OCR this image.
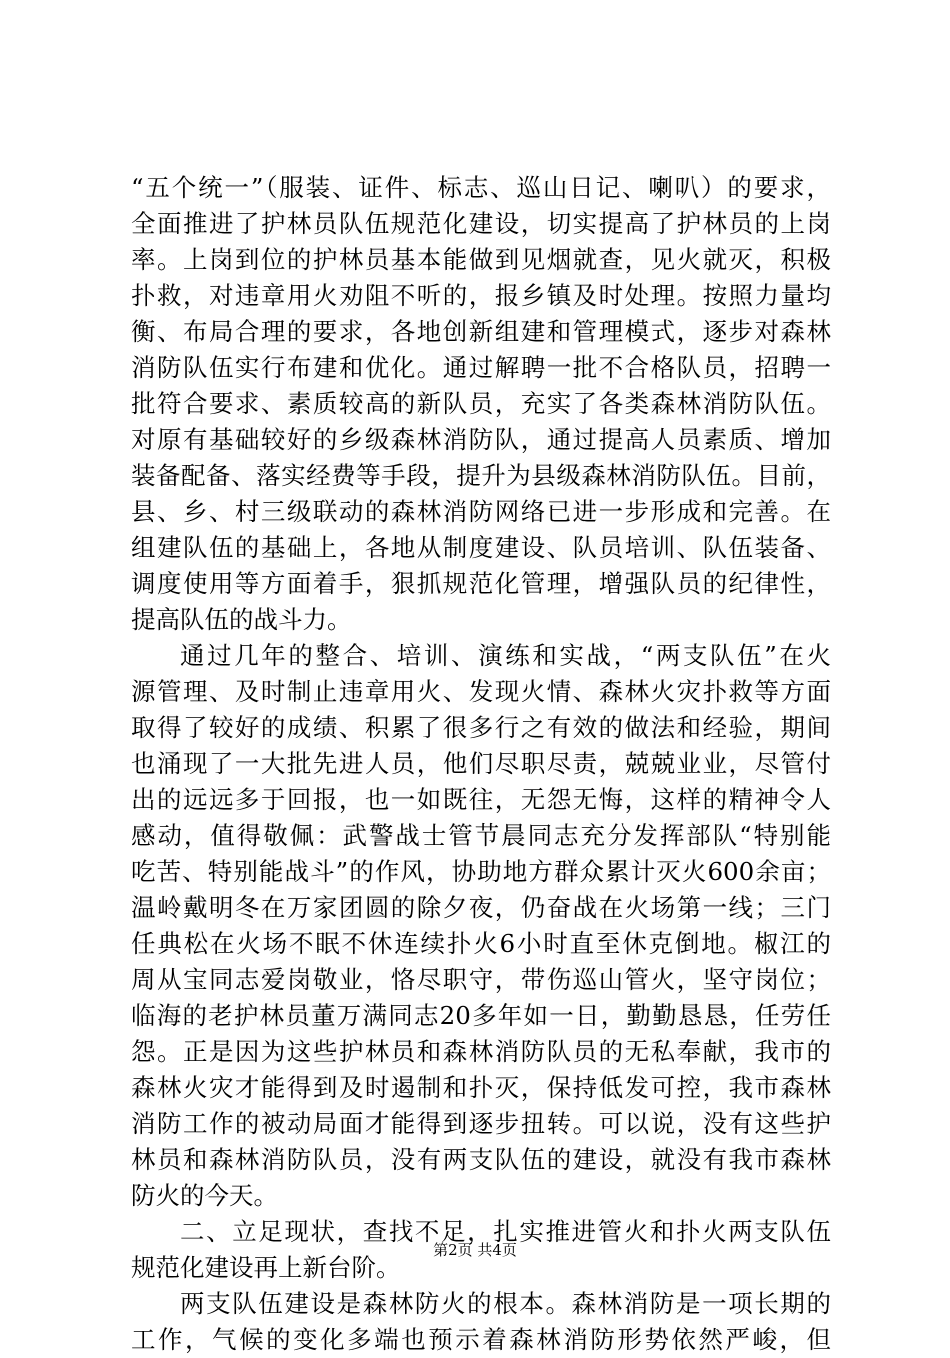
“五个统一”（服装、证件、标志、巡山日记、喇叭）的要求，
全面推进了护林员队伍规范化建设，切实提高了护林员的上岗
率。上岗到位的护林员基本能做到见烟就查，见火就灭，积极
扑救，对违章用火劝阻不听的，报乡镇及时处理。按照力量均
衡、布局合理的要求，各地创新组建和管理模式，逐步对森林
消防队伍实行布建和优化。通过解聘一批不合格队员，招聘一
批符合要求、素质较高的新队员，充实了各类森林消防队伍。
对原有基础较好的乡级森林消防队，通过提高人员素质、增加
装备配备、落实经费等手段，提升为县级森林消防队伍。目前，
县、乡、村三级联动的森林消防网络已进一步形成和完善。在
组建队伍的基础上，各地从制度建设、队员培训、队伍装备、
调度使用等方面着手，狠抓规范化管理，增强队员的纪律性，
提高队伍的战斗力。
通过几年的整合、培训、演练和实战，“两支队伍”在火
源管理、及时制止违章用火、发现火情、森林火灾扑救等方面
取得了较好的成绩、积累了很多行之有效的做法和经验，期间
也涌现了一大批先进人员，他们尽职尽责，兢兢业业，尽管付
出的远远多于回报，也一如既往，无怨无悔，这样的精神令人
感动，值得敬佩：武警战士管节晨同志充分发挥部队“特别能
吃苦、特别能战斗”的作风，协助地方群众累计灭火600余亩；
温岭戴明冬在万家团圆的除夕夜，仍奋战在火场第一线；三门
任典松在火场不眠不休连续扑火6小时直至休克倒地。椒江的
周从宝同志爱岗敬业，恪尽职守，带伤巡山管火，坚守岗位；
临海的老护林员董万满同志20多年如一日，勤勤恳恳，任劳任
怨。正是因为这些护林员和森林消防队员的无私奉献，我市的
森林火灾才能得到及时遏制和扑灭，保持低发可控，我市森林
消防工作的被动局面才能得到逐步扭转。可以说，没有这些护
林员和森林消防队员，没有两支队伍的建设，就没有我市森林
防火的今天。
二、立足现状，查找不足，扎实推进管火和扑火两支队伍
规范化建设再上新台阶。
两支队伍建设是森林防火的根本。森林消防是一项长期的
工作，气候的变化多端也预示着森林消防形势依然严峻，但
第2页 共4页
